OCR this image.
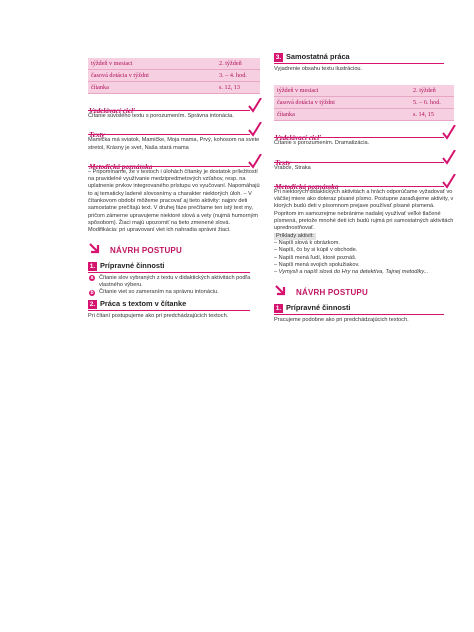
týždeň v mesiaci	2. týždeň
časová dotácia v týždni	3. – 4. hod.
čítanka	s. 12, 13
Vzdelávací cieľ
Čítanie súvislého textu s porozumením. Správna intonácia.
Texty
Mamička má sviatok, Mamičke, Moja mama, Prvý, kohosom na svete stretol, Krásny je svet, Naša stará mama
Metodická poznámka
– Pripomíname, že v textoch i úlohách čítanky je dostatok príležitostí na pravidelné využívanie medzipredmetových vzťahov, resp. na uplatnenie prvkov integrovaného prístupu vo vyučovaní. Napomáhajú to aj tematicky ladené slovosnímy a charakter niektorých úloh. – V čítankovom období môžeme pracovať aj tieto aktivity: najprv deti samostatne prečítajú text. V druhej fáze prečítame ten istý text my, pričom zámerne upravujeme niektoré slová a vety (nujmä humorným spôsobom). Žiaci majú upozorniť na tieto zmenené slová. Modifikácia: pri upravovaní viet ich nahradia správni žiaci.
NÁVRH POSTUPU
1. Prípravné činnosti
a Čítanie slov vybraných z textu v didaktických aktivitách podľa vlastného výberu.
b Čítanie viet so zameraním na správnu intonáciu.
2. Práca s textom v čítanke
Pri čítaní postupujeme ako pri predchádzajúcich textoch.
3. Samostatná práca
Vyjadrenie obsahu textu ilustráciou.
týždeň v mesiaci	2. týždeň
časová dotácia v týždni	5. – 6. hod.
čítanka	s. 14, 15
Vzdelávací cieľ
Čítanie s porozumením. Dramatizácia.
Texty
Vrabce, Straka
Metodická poznámka
Pri niektorých didaktických aktivitách a hrách odporúčame vyžadovať vo väčšej miere ako doteraz písané písmo. Postupne zaraďujeme aktivity, v ktorých budú deti v písomnom prejave používať písané písmená. Popritom im samozrejme nebránime nadalej využívať veľké tlačené písmená, pretože mnohé deti ich budú rujmá pri samostatných aktivitách uprednostňovať.
Príklady aktivít:

– Napíš slová k obrázkom.

– Napíš, čo by si kúpil v obchode.

– Napíš mená ľudí, ktoré poznáš.

– Napíš mená svojich spolužiakov.

– Vymysli a napíš slová do Hry na detektíva, Tajnej metodiky...

NÁVRH POSTUPU
1. Prípravné činnosti
Pracujeme podobne ako pri predchádzajúcich textoch.
